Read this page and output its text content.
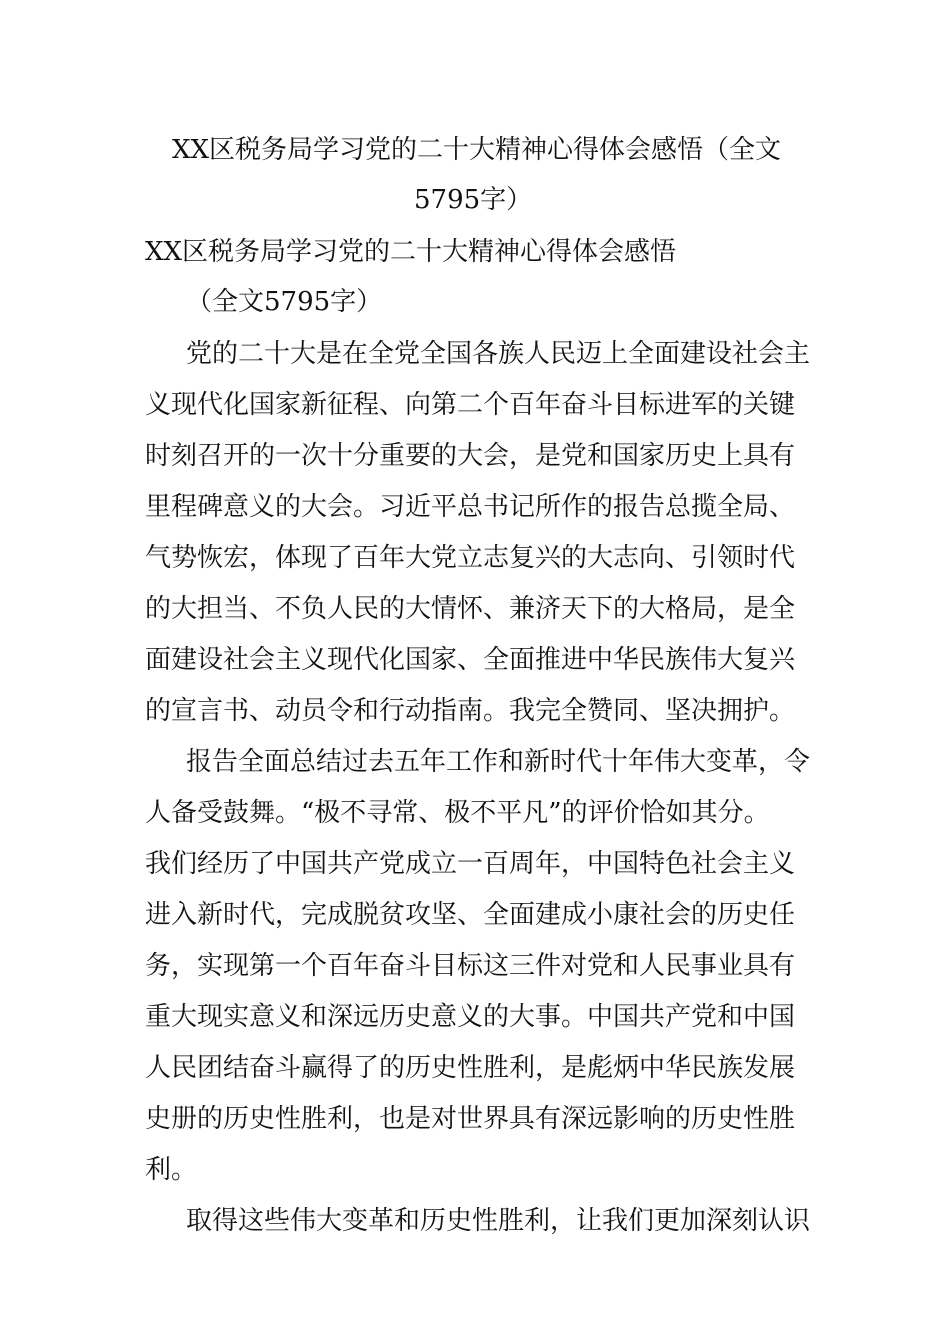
XX区税务局学习党的二十大精神心得体会感悟（全文
5795字）
XX区税务局学习党的二十大精神心得体会感悟
（全文5795字）
党的二十大是在全党全国各族人民迈上全面建设社会主
义现代化国家新征程、向第二个百年奋斗目标进军的关键
时刻召开的一次十分重要的大会，是党和国家历史上具有
里程碑意义的大会。习近平总书记所作的报告总揽全局、
气势恢宏，体现了百年大党立志复兴的大志向、引领时代
的大担当、不负人民的大情怀、兼济天下的大格局，是全
面建设社会主义现代化国家、全面推进中华民族伟大复兴
的宣言书、动员令和行动指南。我完全赞同、坚决拥护。
报告全面总结过去五年工作和新时代十年伟大变革，令
人备受鼓舞。“极不寻常、极不平凡”的评价恰如其分。
我们经历了中国共产党成立一百周年，中国特色社会主义
进入新时代，完成脱贫攻坚、全面建成小康社会的历史任
务，实现第一个百年奋斗目标这三件对党和人民事业具有
重大现实意义和深远历史意义的大事。中国共产党和中国
人民团结奋斗赢得了的历史性胜利，是彪炳中华民族发展
史册的历史性胜利，也是对世界具有深远影响的历史性胜
利。
取得这些伟大变革和历史性胜利，让我们更加深刻认识
